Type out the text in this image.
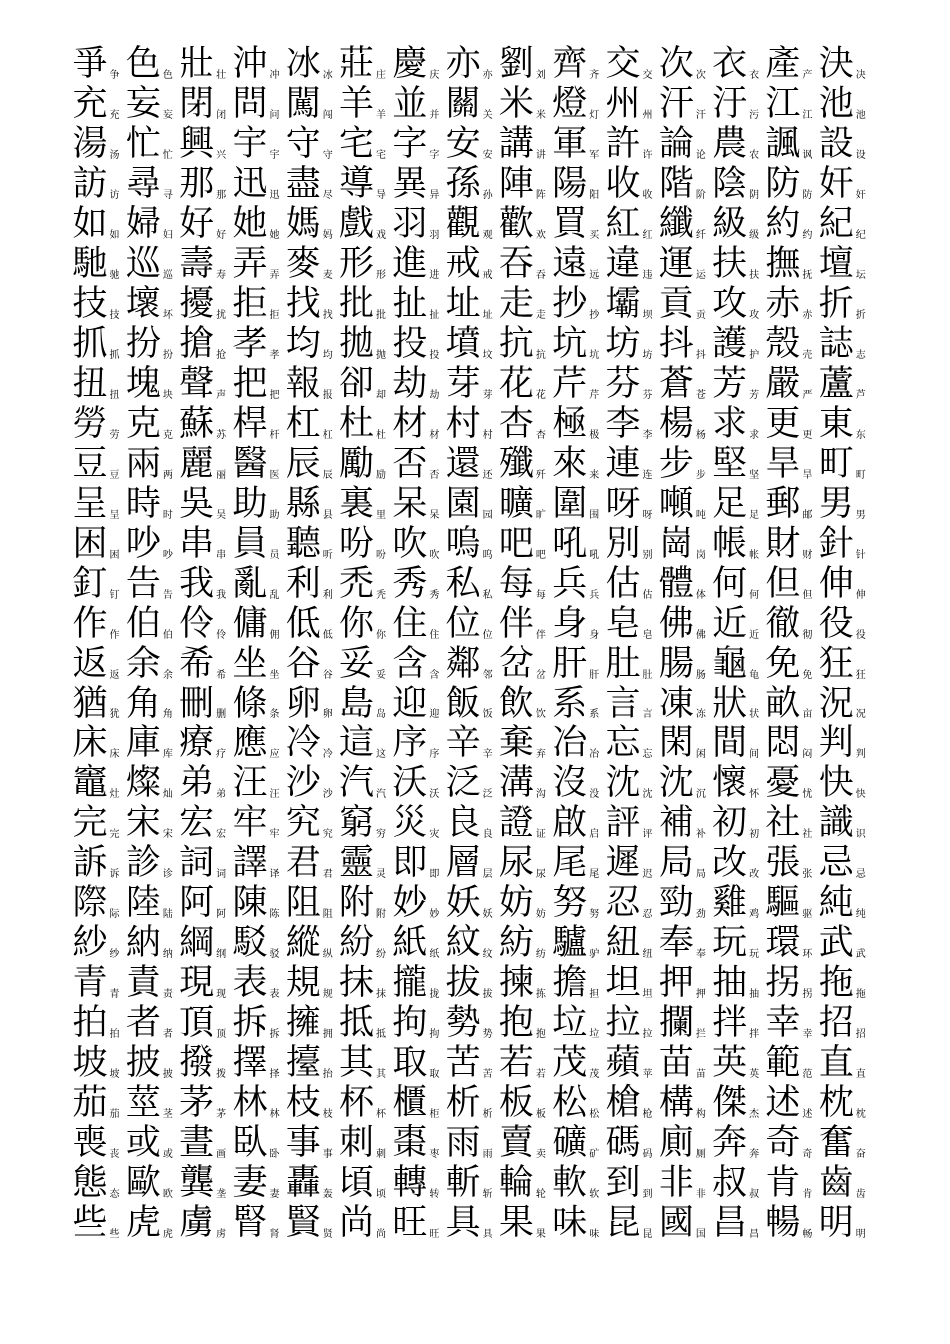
決 决
池 池
設 设
奸 奸
紀 纪
壇 坛
折 折
誌 志
蘆 芦
東 东
町 町
男 男
針 针
伸 伸
役 役
狂 狂
況 况
判 判
快 快
識 识
忌 忌
純 纯
武 武
拖 拖
招 招
直 直
枕 枕
奮 奋
齒 齿
明 明
產 产
江 江
諷 讽
防 防
約 约
撫 抚
赤 赤
殼 壳
嚴 严
更 更
旱 旱
郵 邮
財 财
但 但
徹 彻
免 免
畝 亩
悶 闷
憂 忧
社 社
張 张
驅 驱
環 环
拐 拐
幸 幸
範 范
述 述
奇 奇
肯 肯
暢 畅
衣 衣
汙 污
農 农
陰 阴
級 级
扶 扶
攻 攻
護 护
芳 芳
求 求
堅 坚
足 足
帳 帐
何 何
近 近
龜 龟
狀 状
間 间
懷 怀
初 初
改 改
雞 鸡
玩 玩
抽 抽
拌 拌
英 英
傑 杰
奔 奔
叔 叔
昌 昌
次 次
汗 汗
論 论
階 阶
纖 纤
運 运
貢 贡
抖 抖
蒼 苍
楊 杨
步 步
噸 吨
崗 岗
體 体
佛 佛
腸 肠
凍 冻
閑 闲
沈 沉
補 补
局 局
勁 劲
奉 奉
押 押
攔 拦
苗 苗
構 构
廁 厕
非 非
國 国
交 交
州 州
許 许
收 收
紅 红
違 违
壩 坝
坊 坊
芬 芬
李 李
連 连
呀 呀
別 别
估 估
皂 皂
肚 肚
言 言
忘 忘
沈 沈
評 评
遲 迟
忍 忍
紐 纽
坦 坦
拉 拉
蘋 苹
槍 枪
碼 码
到 到
昆 昆
齊 齐
燈 灯
軍 军
陽 阳
買 买
遠 远
抄 抄
坑 坑
芹 芹
極 极
來 来
圍 围
吼 吼
兵 兵
身 身
肝 肝
系 系
冶 冶
沒 没
啟 启
尾 尾
努 努
驢 驴
擔 担
垃 垃
茂 茂
松 松
礦 矿
軟 软
味 味
劉 刘
米 米
講 讲
陣 阵
歡 欢
吞 吞
走 走
抗 抗
花 花
杏 杏
殲 歼
曠 旷
吧 吧
每 每
伴 伴
岔 岔
飲 饮
棄 弃
溝 沟
證 证
尿 尿
妨 妨
紡 纺
揀 拣
抱 抱
若 若
板 板
賣 卖
輪 轮
果 果
亦 亦
關 关
安 安
孫 孙
觀 观
戒 戒
址 址
墳 坟
芽 芽
村 村
還 还
園 园
嗚 呜
私 私
位 位
鄰 邻
飯 饭
辛 辛
泛 泛
良 良
層 层
妖 妖
紋 纹
拔 拔
勢 势
苦 苦
析 析
雨 雨
斬 斩
具 具
慶 庆
並 并
字 字
異 异
羽 羽
進 进
扯 扯
投 投
劫 劫
材 材
否 否
呆 呆
吹 吹
秀 秀
住 住
含 含
迎 迎
序 序
沃 沃
災 灾
即 即
妙 妙
紙 纸
攏 拢
拘 拘
取 取
櫃 柜
棗 枣
轉 转
旺 旺
莊 庄
羊 羊
宅 宅
導 导
戲 戏
形 形
批 批
拋 抛
卻 却
杜 杜
勵 励
裏 里
吩 吩
禿 秃
你 你
妥 妥
島 岛
這 这
汽 汽
窮 穷
靈 灵
附 附
紛 纷
抹 抹
抵 抵
其 其
杯 杯
刺 刺
頃 顷
尚 尚
冰 冰
闖 闯
守 守
盡 尽
媽 妈
麥 麦
找 找
均 均
報 报
杠 杠
辰 辰
縣 县
聽 听
利 利
低 低
谷 谷
卵 卵
冷 冷
沙 沙
究 究
君 君
阻 阻
縱 纵
規 规
擁 拥
擡 抬
枝 枝
事 事
轟 轰
賢 贤
沖 冲
問 问
宇 宇
迅 迅
她 她
弄 弄
拒 拒
孝 孝
把 把
桿 杆
醫 医
助 助
員 员
亂 乱
傭 佣
坐 坐
條 条
應 应
汪 汪
牢 牢
譯 译
陳 陈
駁 驳
表 表
拆 拆
擇 择
林 林
臥 卧
妻 妻
腎 肾
壯 壮
閉 闭
興 兴
那 那
好 好
壽 寿
擾 扰
搶 抢
聲 声
蘇 苏
麗 丽
吳 吴
串 串
我 我
伶 伶
希 希
刪 删
療 疗
弟 弟
宏 宏
詞 词
阿 阿
綱 纲
現 现
頂 顶
撥 拨
茅 茅
晝 画
龔 垄
虜 虏
色 色
妄 妄
忙 忙
尋 寻
婦 妇
巡 巡
壞 坏
扮 扮
塊 块
克 克
兩 两
時 时
吵 吵
告 告
伯 伯
余 余
角 角
庫 库
燦 灿
宋 宋
診 诊
陸 陆
納 纳
責 责
者 者
披 披
莖 茎
或 或
歐 欧
虎 虎
爭 争
充 充
湯 汤
訪 访
如 如
馳 驰
技 技
抓 抓
扭 扭
勞 劳
豆 豆
呈 呈
困 困
釘 钉
作 作
返 返
猶 犹
床 床
竈 灶
完 完
訴 诉
際 际
紗 纱
青 青
拍 拍
坡 坡
茄 茄
喪 丧
態 态
些 些
